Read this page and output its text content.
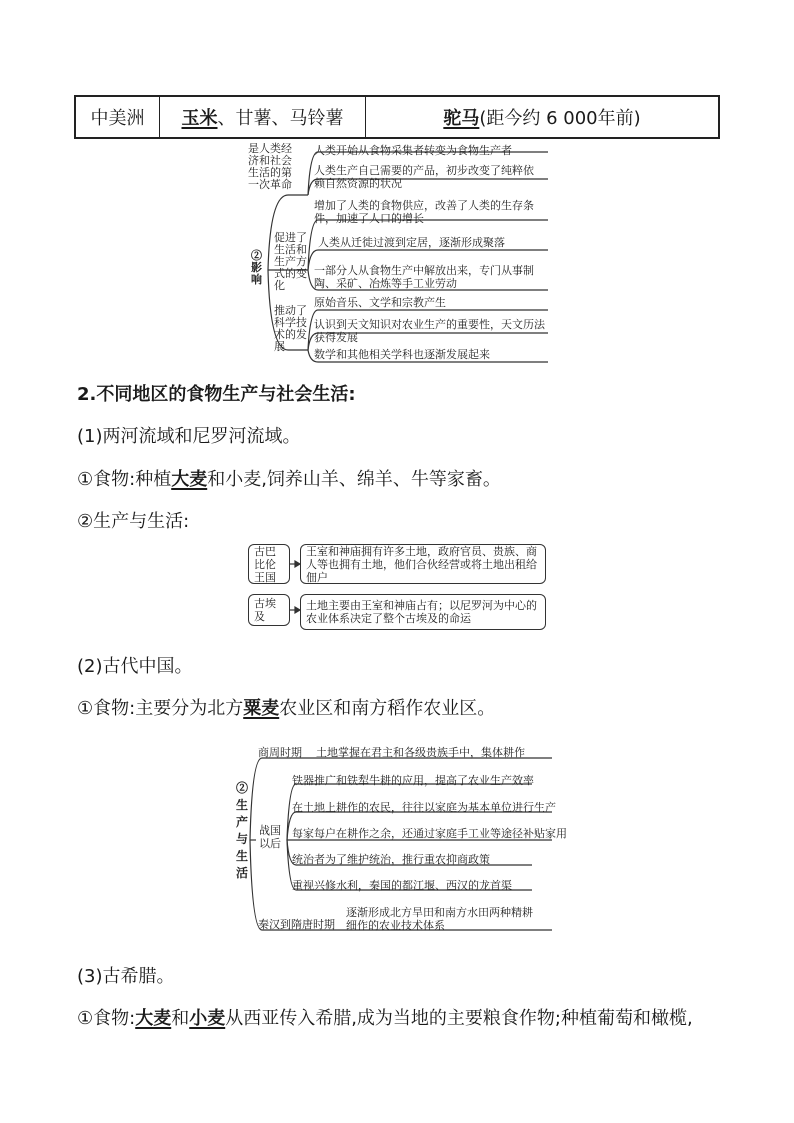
中美洲 玉米 、甘薯、马铃薯	驼马 (距今约 6 000年前)
②影响
是人类经济和社会生活的第一次革命
促进了生活和生产方式的变化
推动了科学技术的发展
人类开始从食物采集者转变为食物生产者
人类生产自己需要的产品，初步改变了纯粹依赖自然资源的状况
增加了人类的食物供应，改善了人类的生存条件，加速了人口的增长
人类从迁徙过渡到定居，逐渐形成聚落
一部分人从食物生产中解放出来，专门从事制陶、采矿、冶炼等手工业劳动
原始音乐、文学和宗教产生
认识到天文知识对农业生产的重要性，天文历法获得发展
数学和其他相关学科也逐渐发展起来
2.不同地区的食物生产与社会生活:
(1)两河流域和尼罗河流域。
①食物:种植大麦和小麦,饲养山羊、绵羊、牛等家畜。
②生产与生活:
古巴比伦王国
王室和神庙拥有许多土地，政府官员、贵族、商人等也拥有土地，他们合伙经营或将土地出租给佃户
古埃及
土地主要由王室和神庙占有；以尼罗河为中心的农业体系决定了整个古埃及的命运
(2)古代中国。
①食物:主要分为北方粟麦农业区和南方稻作农业区。
②生产与生活
商周时期 土地掌握在君主和各级贵族手中，集体耕作
战国以后
铁器推广和铁犁牛耕的应用，提高了农业生产效率
在土地上耕作的农民，往往以家庭为基本单位进行生产
每家每户在耕作之余，还通过家庭手工业等途径补贴家用
统治者为了维护统治，推行重农抑商政策
重视兴修水利，秦国的都江堰、西汉的龙首渠
秦汉到隋唐时期
逐渐形成北方旱田和南方水田两种精耕细作的农业技术体系
(3)古希腊。
①食物:大麦和小麦从西亚传入希腊,成为当地的主要粮食作物;种植葡萄和橄榄,
